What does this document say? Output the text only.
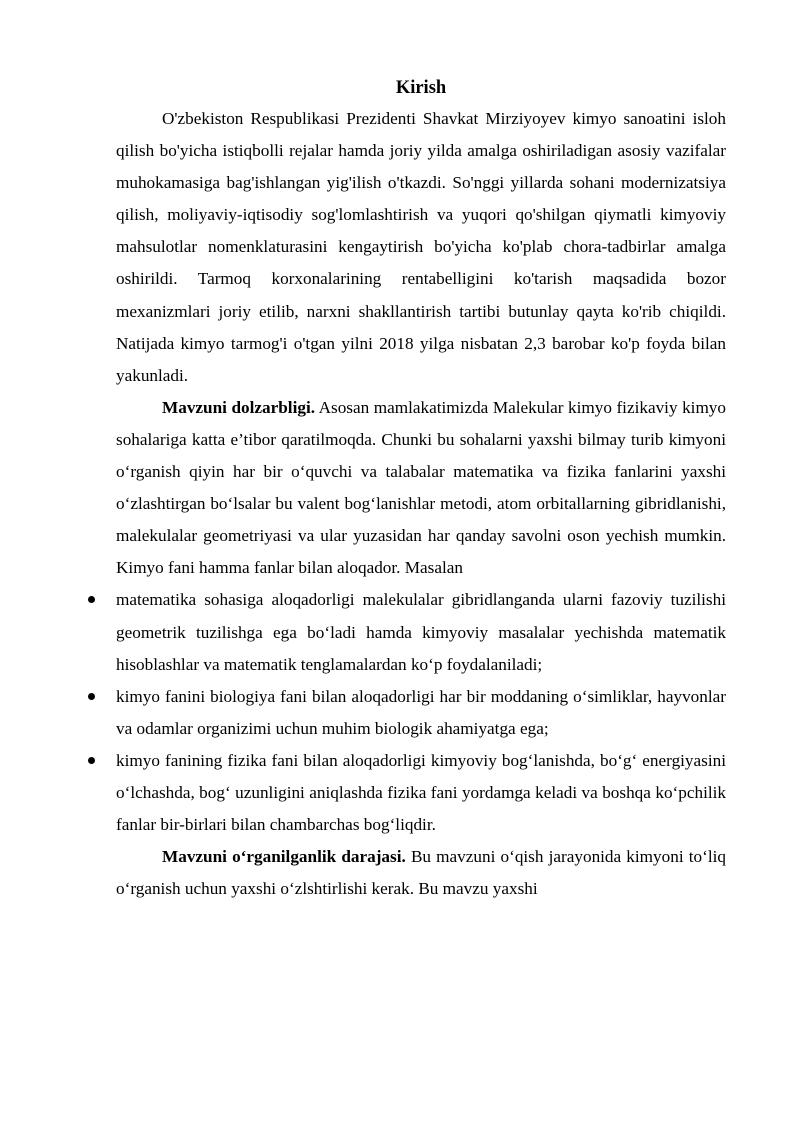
Kirish

O'zbekiston Respublikasi Prezidenti Shavkat Mirziyoyev kimyo sanoatini isloh qilish bo'yicha istiqbolli rejalar hamda joriy yilda amalga oshiriladigan asosiy vazifalar muhokamasiga bag'ishlangan yig'ilish o'tkazdi. So'nggi yillarda sohani modernizatsiya qilish, moliyaviy-iqtisodiy sog'lomlashtirish va yuqori qo'shilgan qiymatli kimyoviy mahsulotlar nomenklaturasini kengaytirish bo'yicha ko'plab chora-tadbirlar amalga oshirildi. Tarmoq korxonalarining rentabelligini ko'tarish maqsadida bozor mexanizmlari joriy etilib, narxni shakllantirish tartibi butunlay qayta ko'rib chiqildi. Natijada kimyo tarmog'i o'tgan yilni 2018 yilga nisbatan 2,3 barobar ko'p foyda bilan yakunladi.

Mavzuni dolzarbligi. Asosan mamlakatimizda Malekular kimyo fizikaviy kimyo sohalariga katta e’tibor qaratilmoqda. Chunki bu sohalarni yaxshi bilmay turib kimyoni o‘rganish qiyin har bir o‘quvchi va talabalar matematika va fizika fanlarini yaxshi o‘zlashtirgan bo‘lsalar bu valent bog‘lanishlar metodi, atom orbitallarning gibridlanishi, malekulalar geometriyasi va ular yuzasidan har qanday savolni oson yechish mumkin. Kimyo fani hamma fanlar bilan aloqador. Masalan

matematika sohasiga aloqadorligi malekulalar gibridlanganda ularni fazoviy tuzilishi geometrik tuzilishga ega bo‘ladi hamda kimyoviy masalalar yechishda matematik hisoblashlar va matematik tenglamalardan ko‘p foydalaniladi;
kimyo fanini biologiya fani bilan aloqadorligi har bir moddaning o‘simliklar, hayvonlar va odamlar organizimi uchun muhim biologik ahamiyatga ega;
kimyo fanining fizika fani bilan aloqadorligi kimyoviy bog‘lanishda, bo‘g‘ energiyasini o‘lchashda, bog‘ uzunligini aniqlashda fizika fani yordamga keladi va boshqa ko‘pchilik fanlar bir-birlari bilan chambarchas bog‘liqdir.

Mavzuni o‘rganilganlik darajasi. Bu mavzuni o‘qish jarayonida kimyoni to‘liq o‘rganish uchun yaxshi o‘zlshtirlishi kerak. Bu mavzu yaxshi
